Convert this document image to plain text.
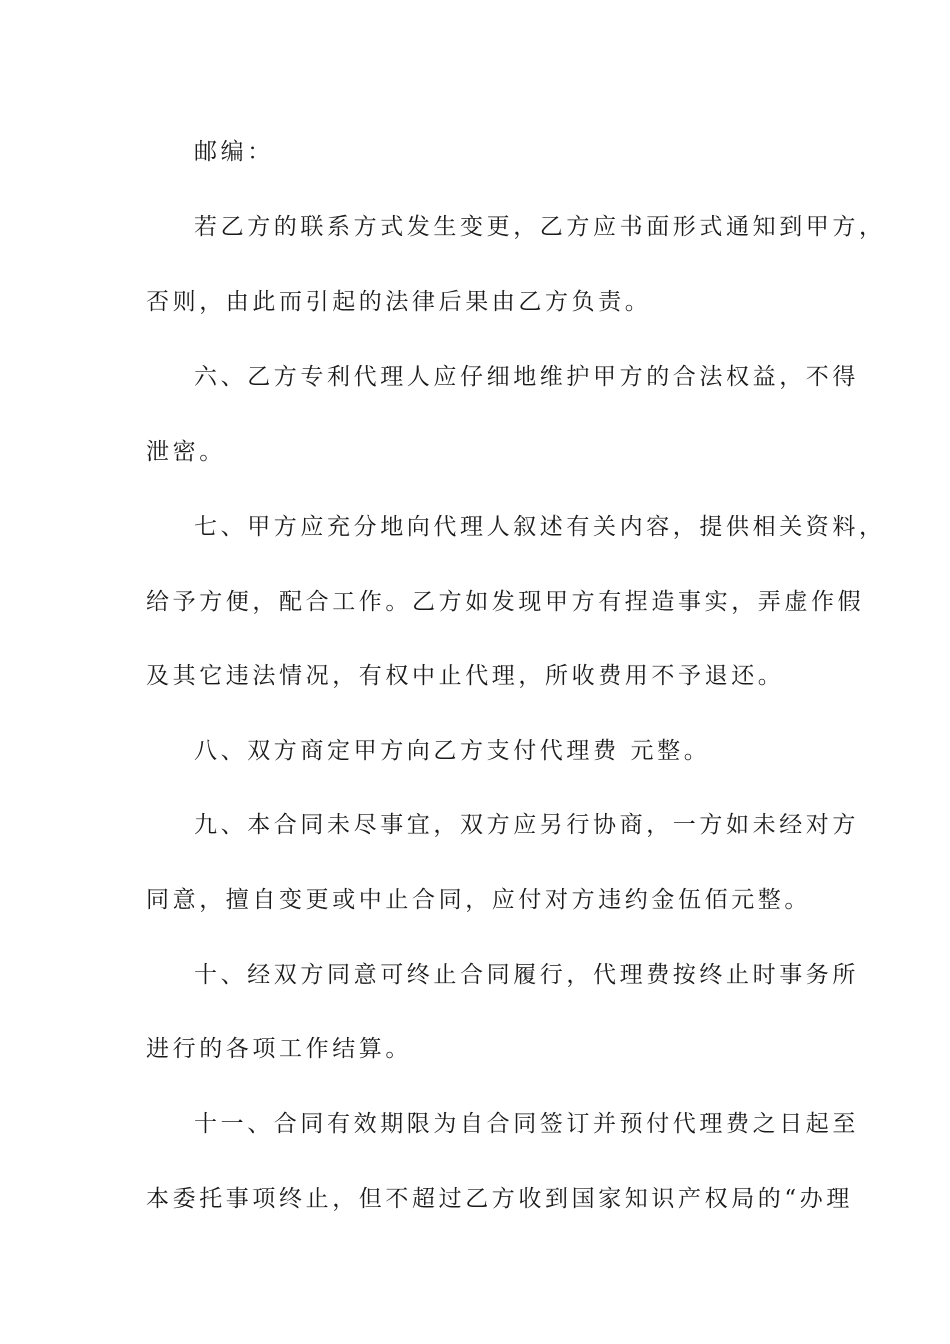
邮编：
若乙方的联系方式发生变更，乙方应书面形式通知到甲方，
否则，由此而引起的法律后果由乙方负责。
六、乙方专利代理人应仔细地维护甲方的合法权益，不得
泄密。
七、甲方应充分地向代理人叙述有关内容，提供相关资料，
给予方便，配合工作。乙方如发现甲方有捏造事实，弄虚作假
及其它违法情况，有权中止代理，所收费用不予退还。
八、双方商定甲方向乙方支付代理费 元整。
九、本合同未尽事宜，双方应另行协商，一方如未经对方
同意，擅自变更或中止合同，应付对方违约金伍佰元整。
十、经双方同意可终止合同履行，代理费按终止时事务所
进行的各项工作结算。
十一、合同有效期限为自合同签订并预付代理费之日起至
本委托事项终止，但不超过乙方收到国家知识产权局的“办理
